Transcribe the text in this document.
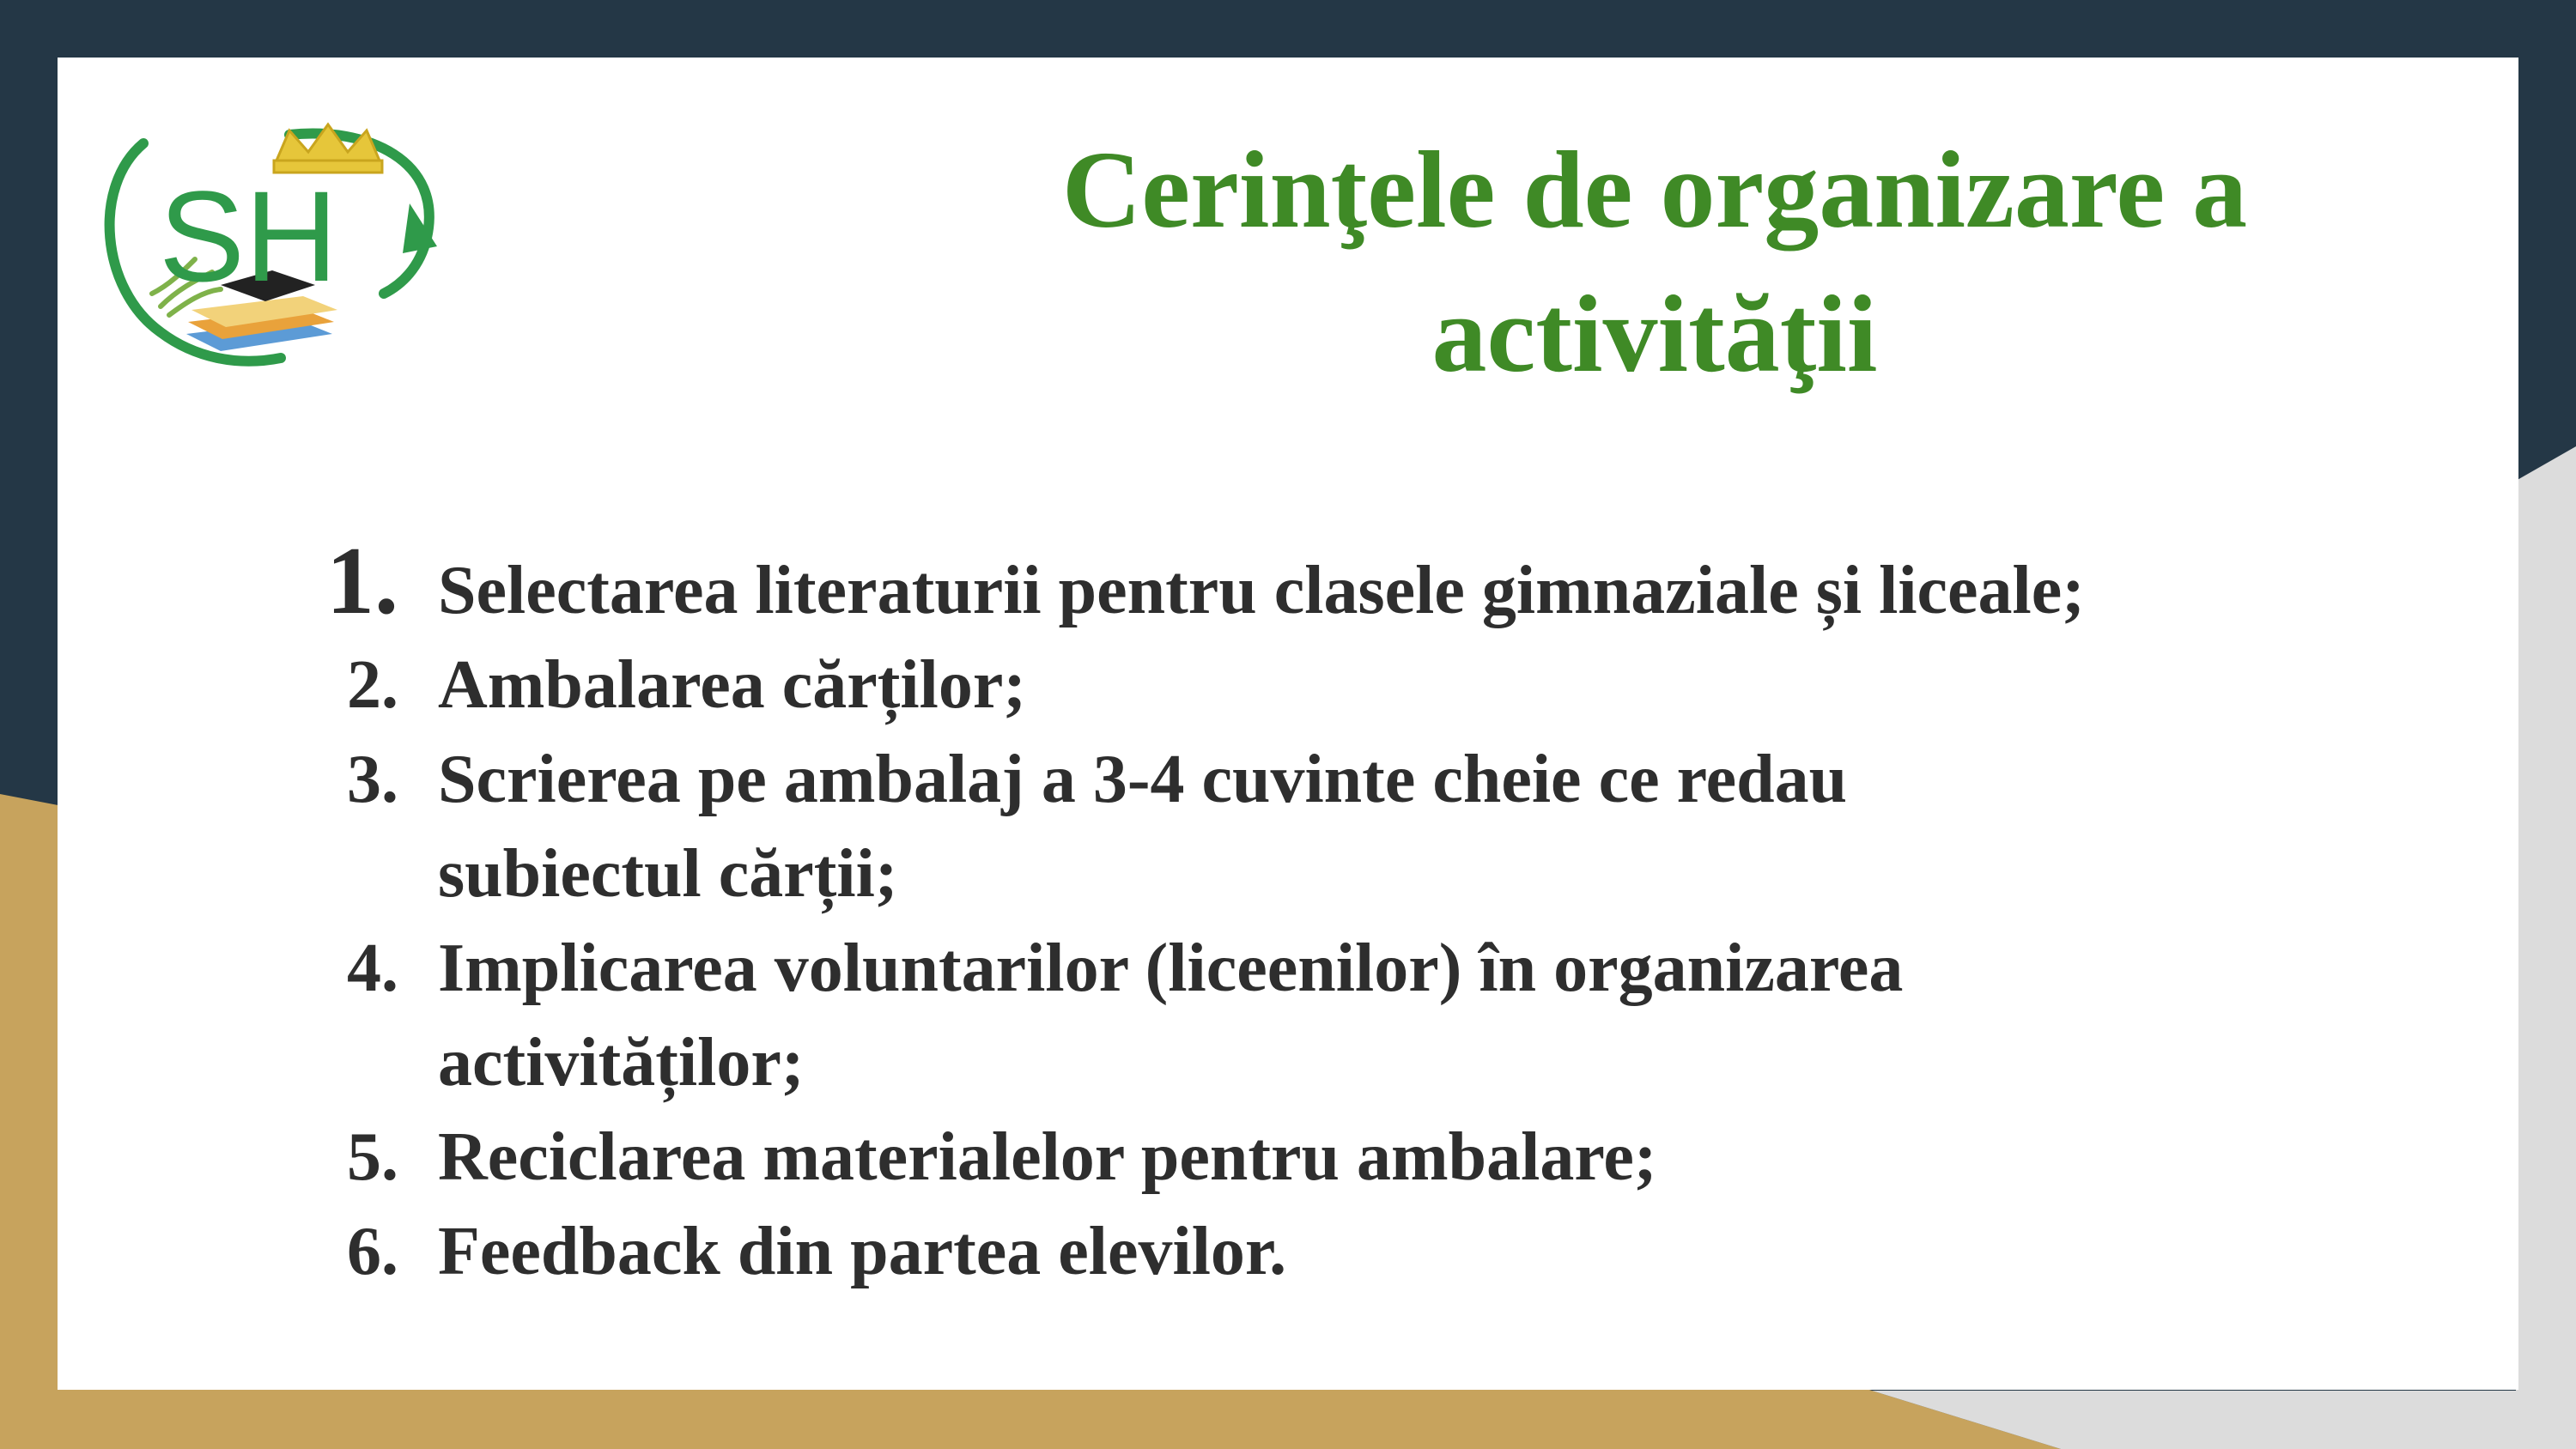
SH	Cerinţele de organizare a
activităţii
1. Selectarea literaturii pentru clasele gimnaziale și liceale;
2. Ambalarea cărților;
3. Scrierea pe ambalaj a 3-4 cuvinte cheie ce redau
subiectul cărții;
4. Implicarea voluntarilor (liceenilor) în organizarea
activităților;
5. Reciclarea materialelor pentru ambalare;
6. Feedback din partea elevilor.
